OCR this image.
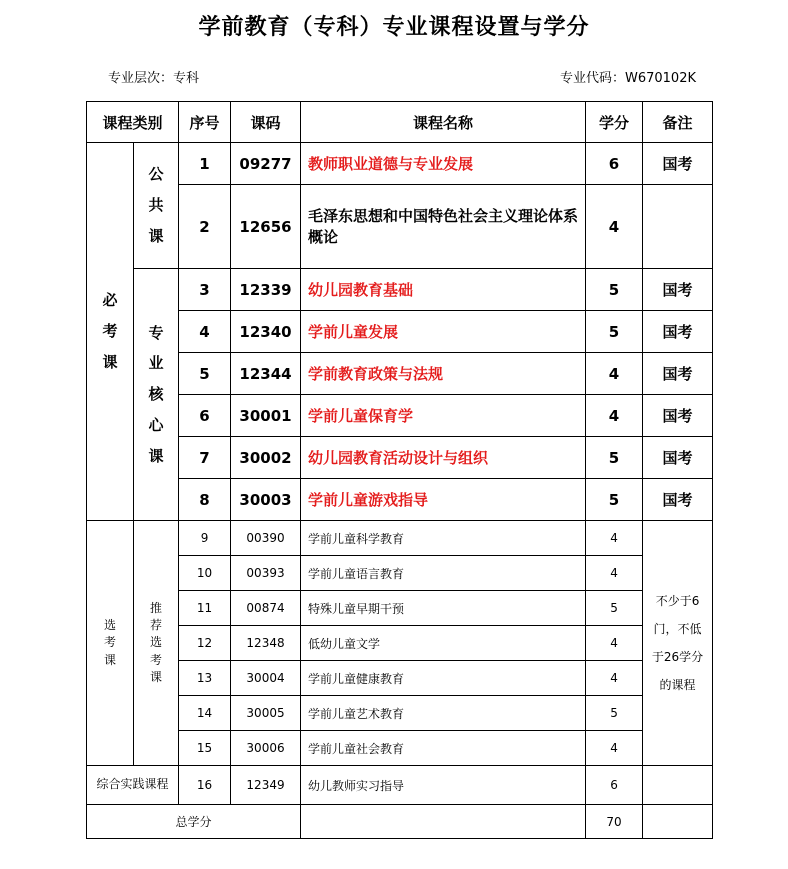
学前教育（专科）专业课程设置与学分
专业层次：专科	专业代码：W670102K
课程类别		序号	课码	课程名称	学分	备注

必考课	公共课	1	09277	教师职业道德与专业发展	6	国考
		2	12656	毛泽东思想和中国特色社会主义理论体系概论	4	

	专业核心课	3	12339	幼儿园教育基础	5	国考
		4	12340	学前儿童发展	5	国考
		5	12344	学前教育政策与法规	4	国考
		6	30001	学前儿童保育学	4	国考
		7	30002	幼儿园教育活动设计与组织	5	国考
		8	30003	学前儿童游戏指导	5	国考

选考课	推荐选考课	9	00390	学前儿童科学教育	4	不少于6门，不低于26学分的课程

		10	00393	学前儿童语言教育	4	
		11	00874	特殊儿童早期干预	5	
		12	12348	低幼儿童文学	4	
		13	30004	学前儿童健康教育	4	
		14	30005	学前儿童艺术教育	5	
		15	30006	学前儿童社会教育	4	

综合实践课程		16	12349	幼儿教师实习指导	6	
总学分					70	
